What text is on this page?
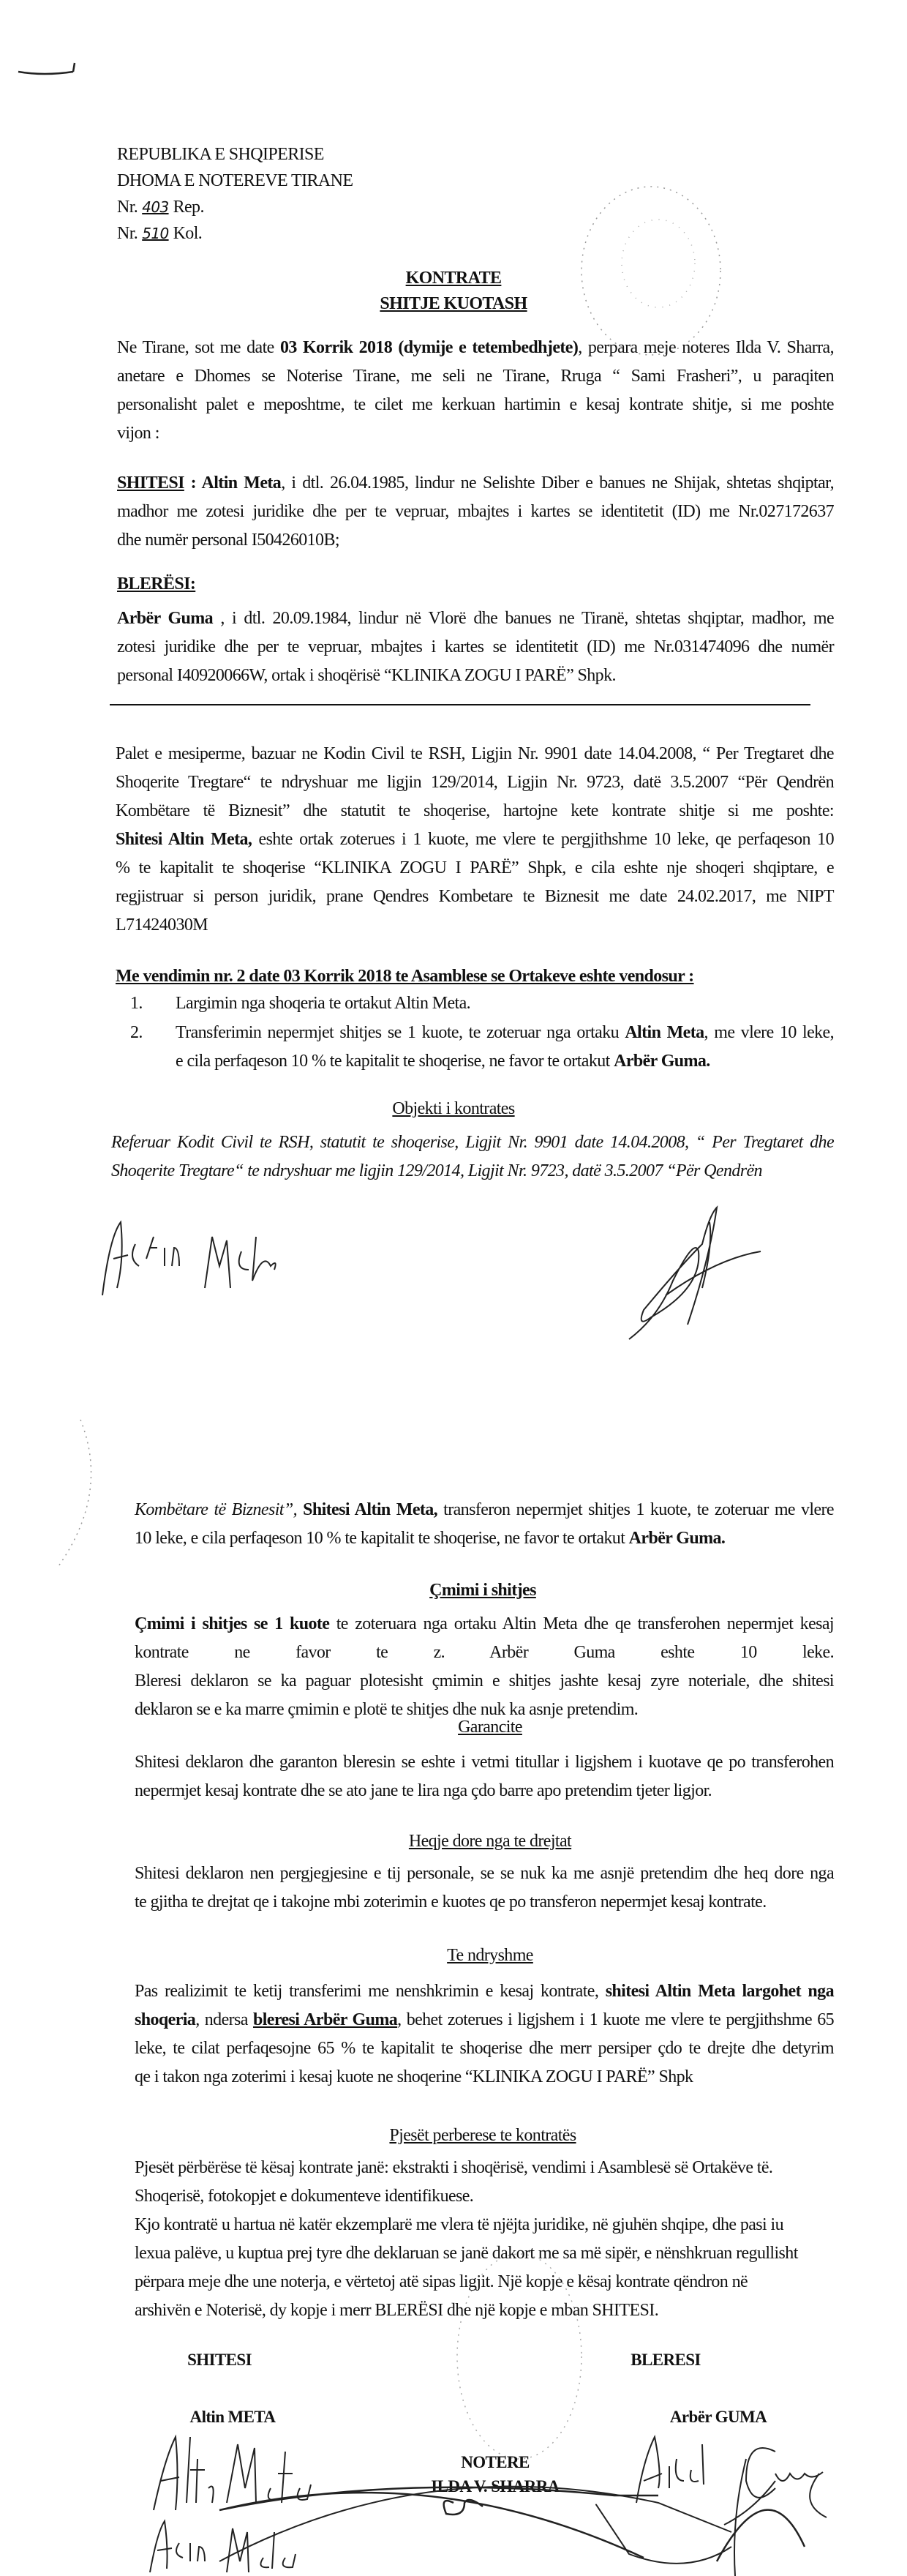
REPUBLIKA E SHQIPERISE
DHOMA E NOTEREVE TIRANE
Nr. 403 Rep.
Nr. 510 Kol.
KONTRATE
SHITJE KUOTASH
Ne Tirane, sot me date 03 Korrik 2018 (dymije e tetembedhjete), perpara meje noteres Ilda V. Sharra,
anetare e Dhomes se Noterise Tirane, me seli ne Tirane, Rruga “ Sami Frasheri”, u paraqiten
personalisht palet e meposhtme, te cilet me kerkuan hartimin e kesaj kontrate shitje, si me poshte
vijon :
SHITESI : Altin Meta, i dtl. 26.04.1985, lindur ne Selishte Diber e banues ne Shijak, shtetas shqiptar,
madhor me zotesi juridike dhe per te vepruar, mbajtes i kartes se identitetit (ID) me Nr.027172637
dhe numër personal I50426010B;
BLERËSI:
Arbër Guma , i dtl. 20.09.1984, lindur në Vlorë dhe banues ne Tiranë, shtetas shqiptar, madhor, me
zotesi juridike dhe per te vepruar, mbajtes i kartes se identitetit (ID) me Nr.031474096 dhe numër
personal I40920066W, ortak i shoqërisë “KLINIKA ZOGU I PARË” Shpk.
Palet e mesiperme, bazuar ne Kodin Civil te RSH, Ligjin Nr. 9901 date 14.04.2008, “ Per Tregtaret dhe
Shoqerite Tregtare“ te ndryshuar me ligjin 129/2014, Ligjin Nr. 9723, datë 3.5.2007 “Për Qendrën
Kombëtare të Biznesit” dhe statutit te shoqerise, hartojne kete kontrate shitje si me poshte:
Shitesi Altin Meta, eshte ortak zoterues i 1 kuote, me vlere te pergjithshme 10 leke, qe perfaqeson 10
% te kapitalit te shoqerise “KLINIKA ZOGU I PARË” Shpk, e cila eshte nje shoqeri shqiptare, e
regjistruar si person juridik, prane Qendres Kombetare te Biznesit me date 24.02.2017, me NIPT
L71424030M
Me vendimin nr. 2 date 03 Korrik 2018 te Asamblese se Ortakeve eshte vendosur :
1. Largimin nga shoqeria te ortakut Altin Meta.
2. Transferimin nepermjet shitjes se 1 kuote, te zoteruar nga ortaku Altin Meta, me vlere 10 leke,
e cila perfaqeson 10 % te kapitalit te shoqerise, ne favor te ortakut Arbër Guma.
Objekti i kontrates
Referuar Kodit Civil te RSH, statutit te shoqerise, Ligjit Nr. 9901 date 14.04.2008, “ Per Tregtaret dhe
Shoqerite Tregtare“ te ndryshuar me ligjin 129/2014, Ligjit Nr. 9723, datë 3.5.2007 “Për Qendrën
Kombëtare të Biznesit”, Shitesi Altin Meta, transferon nepermjet shitjes 1 kuote, te zoteruar me vlere
10 leke, e cila perfaqeson 10 % te kapitalit te shoqerise, ne favor te ortakut Arbër Guma.
Çmimi i shitjes
Çmimi i shitjes se 1 kuote te zoteruara nga ortaku Altin Meta dhe qe transferohen nepermjet kesaj
kontrate ne favor te z. Arbër Guma eshte 10 leke.
Bleresi deklaron se ka paguar plotesisht çmimin e shitjes jashte kesaj zyre noteriale, dhe shitesi
deklaron se e ka marre çmimin e plotë te shitjes dhe nuk ka asnje pretendim.
Garancite
Shitesi deklaron dhe garanton bleresin se eshte i vetmi titullar i ligjshem i kuotave qe po transferohen
nepermjet kesaj kontrate dhe se ato jane te lira nga çdo barre apo pretendim tjeter ligjor.
Heqje dore nga te drejtat
Shitesi deklaron nen pergjegjesine e tij personale, se se nuk ka me asnjë pretendim dhe heq dore nga
te gjitha te drejtat qe i takojne mbi zoterimin e kuotes qe po transferon nepermjet kesaj kontrate.
Te ndryshme
Pas realizimit te ketij transferimi me nenshkrimin e kesaj kontrate, shitesi Altin Meta largohet nga
shoqeria, ndersa bleresi Arbër Guma, behet zoterues i ligjshem i 1 kuote me vlere te pergjithshme 65
leke, te cilat perfaqesojne 65 % te kapitalit te shoqerise dhe merr persiper çdo te drejte dhe detyrim
qe i takon nga zoterimi i kesaj kuote ne shoqerine “KLINIKA ZOGU I PARË” Shpk
Pjesët perberese te kontratës
Pjesët përbërëse të kësaj kontrate janë: ekstrakti i shoqërisë, vendimi i Asamblesë së Ortakëve të.
Shoqerisë, fotokopjet e dokumenteve identifikuese.
Kjo kontratë u hartua në katër ekzemplarë me vlera të njëjta juridike, në gjuhën shqipe, dhe pasi iu
lexua palëve, u kuptua prej tyre dhe deklaruan se janë dakort me sa më sipër, e nënshkruan regullisht
përpara meje dhe une noterja, e vërtetoj atë sipas ligjit. Një kopje e kësaj kontrate qëndron në
arshivën e Noterisë, dy kopje i merr BLERËSI dhe një kopje e mban SHITESI.
SHITESI	BLERESI
Altin META	Arbër GUMA
NOTERE
ILDA V. SHARRA
